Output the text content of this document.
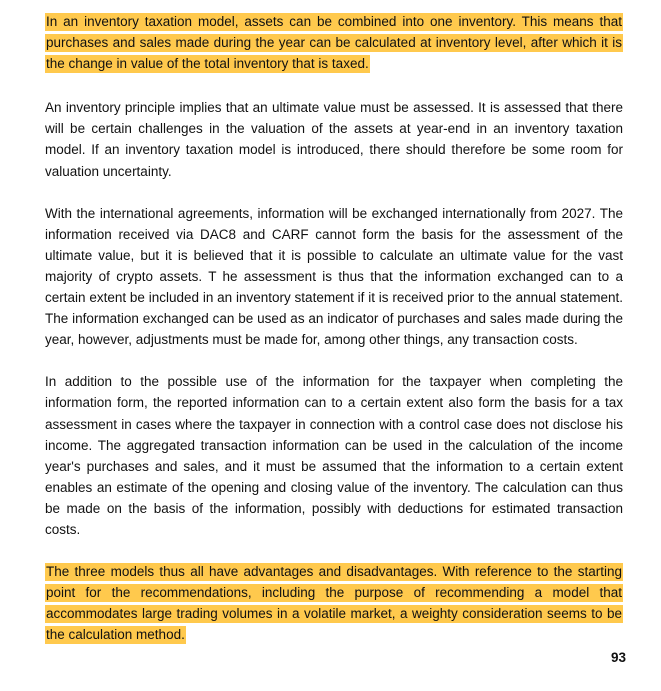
In an inventory taxation model, assets can be combined into one inventory. This means that purchases and sales made during the year can be calculated at inventory level, after which it is the change in value of the total inventory that is taxed.

An inventory principle implies that an ultimate value must be assessed. It is assessed that there will be certain challenges in the valuation of the assets at year-end in an inventory taxation model. If an inventory taxation model is introduced, there should therefore be some room for valuation uncertainty.

With the international agreements, information will be exchanged internationally from 2027. The information received via DAC8 and CARF cannot form the basis for the assessment of the ultimate value, but it is believed that it is possible to calculate an ultimate value for the vast majority of crypto assets. T he assessment is thus that the information exchanged can to a certain extent be included in an inventory statement if it is received prior to the annual statement. The information exchanged can be used as an indicator of purchases and sales made during the year, however, adjustments must be made for, among other things, any transaction costs.

In addition to the possible use of the information for the taxpayer when completing the information form, the reported information can to a certain extent also form the basis for a tax assessment in cases where the taxpayer in connection with a control case does not disclose his income. The aggregated transaction information can be used in the calculation of the income year's purchases and sales, and it must be assumed that the information to a certain extent enables an estimate of the opening and closing value of the inventory. The calculation can thus be made on the basis of the information, possibly with deductions for estimated transaction costs.

The three models thus all have advantages and disadvantages. With reference to the starting point for the recommendations, including the purpose of recommending a model that accommodates large trading volumes in a volatile market, a weighty consideration seems to be the calculation method.

93
